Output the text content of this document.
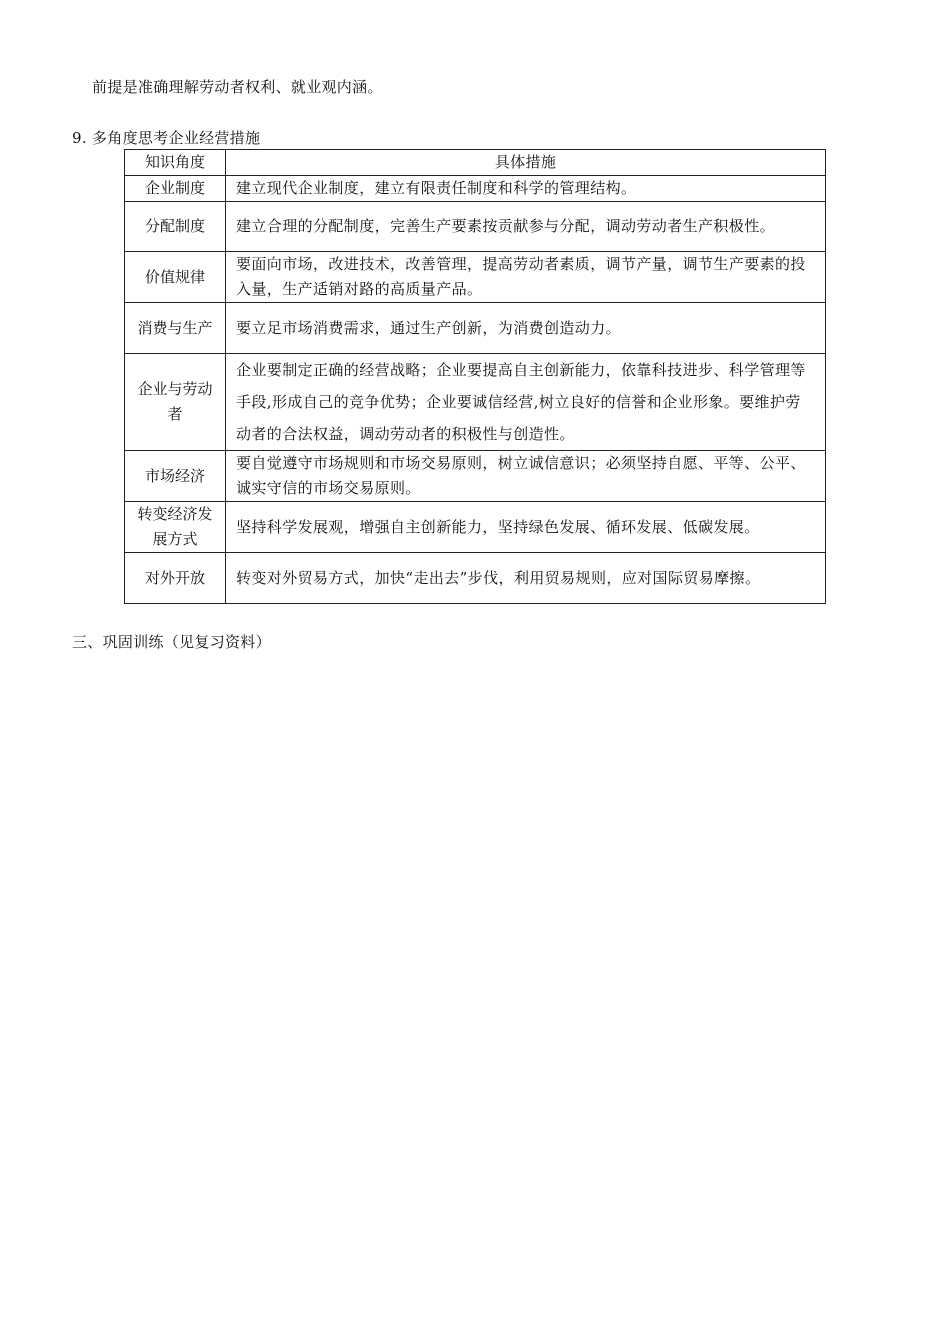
前提是准确理解劳动者权利、就业观内涵。
9. 多角度思考企业经营措施
知识角度	具体措施
企业制度	建立现代企业制度，建立有限责任制度和科学的管理结构。
分配制度	建立合理的分配制度，完善生产要素按贡献参与分配，调动劳动者生产积极性。
价值规律	要面向市场，改进技术，改善管理，提高劳动者素质，调节产量，调节生产要素的投入量，生产适销对路的高质量产品。
消费与生产	要立足市场消费需求，通过生产创新，为消费创造动力。
企业与劳动者	企业要制定正确的经营战略；企业要提高自主创新能力，依靠科技进步、科学管理等手段,形成自己的竞争优势；企业要诚信经营,树立良好的信誉和企业形象。要维护劳动者的合法权益，调动劳动者的积极性与创造性。
市场经济	要自觉遵守市场规则和市场交易原则，树立诚信意识；必须坚持自愿、平等、公平、诚实守信的市场交易原则。
转变经济发展方式	坚持科学发展观，增强自主创新能力，坚持绿色发展、循环发展、低碳发展。
对外开放	转变对外贸易方式，加快“走出去”步伐，利用贸易规则，应对国际贸易摩擦。
三、巩固训练（见复习资料）
